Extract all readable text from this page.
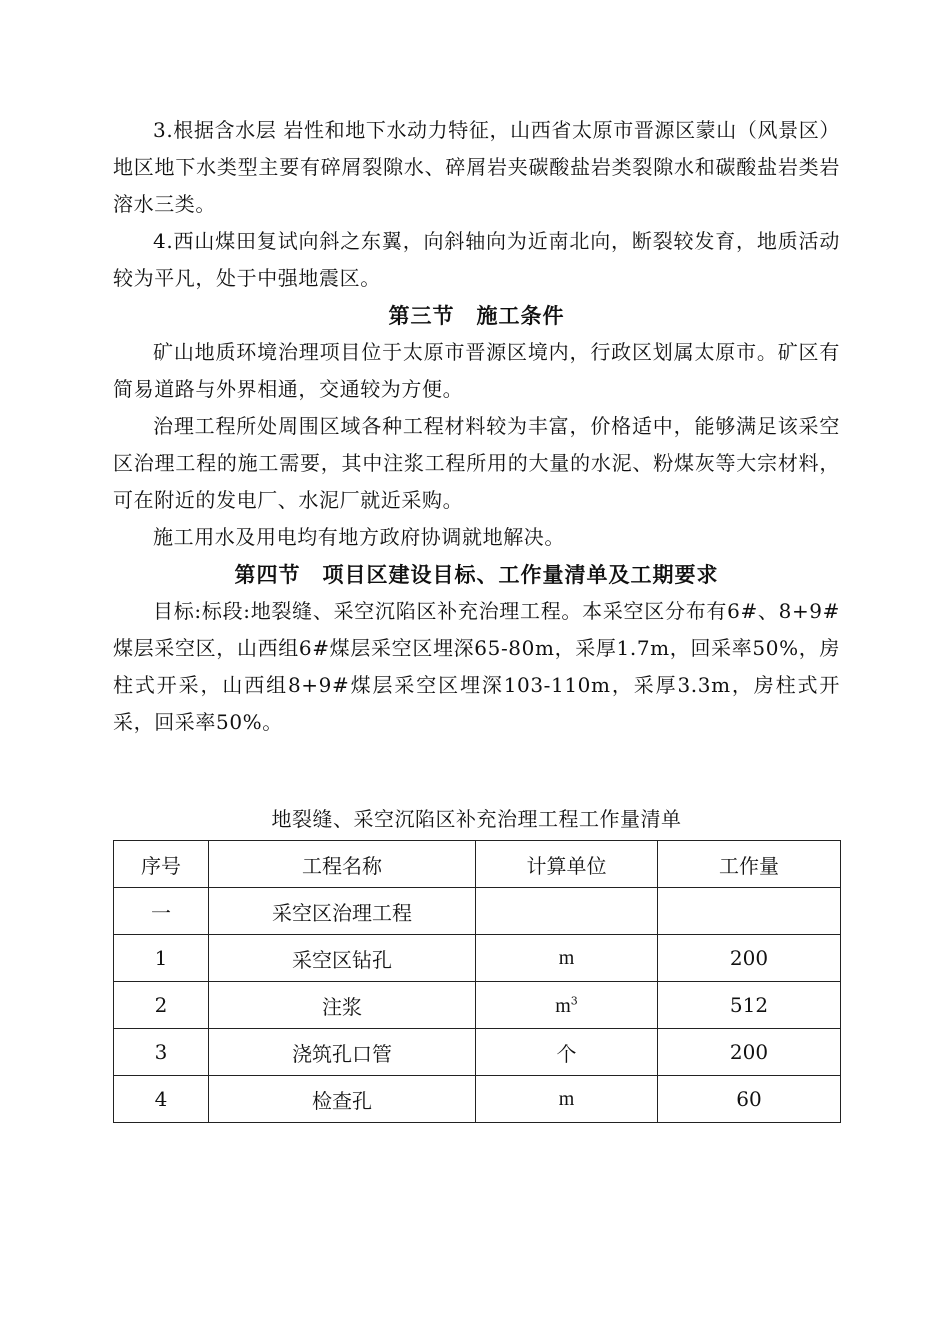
3.根据含水层 岩性和地下水动力特征，山西省太原市晋源区蒙山（风景区）地区地下水类型主要有碎屑裂隙水、碎屑岩夹碳酸盐岩类裂隙水和碳酸盐岩类岩溶水三类。

4.西山煤田复试向斜之东翼，向斜轴向为近南北向，断裂较发育，地质活动较为平凡，处于中强地震区。

第三节　施工条件

矿山地质环境治理项目位于太原市晋源区境内，行政区划属太原市。矿区有简易道路与外界相通，交通较为方便。

治理工程所处周围区域各种工程材料较为丰富，价格适中，能够满足该采空区治理工程的施工需要，其中注浆工程所用的大量的水泥、粉煤灰等大宗材料，可在附近的发电厂、水泥厂就近采购。

施工用水及用电均有地方政府协调就地解决。

第四节　项目区建设目标、工作量清单及工期要求

目标:标段:地裂缝、采空沉陷区补充治理工程。本采空区分布有6#、8+9#煤层采空区，山西组6#煤层采空区埋深65-80m，采厚1.7m，回采率50%，房柱式开采，山西组8+9#煤层采空区埋深103-110m，采厚3.3m，房柱式开采，回采率50%。

地裂缝、采空沉陷区补充治理工程工作量清单
序号	工程名称	计算单位	工作量
一	采空区治理工程		
1	采空区钻孔	m	200
2	注浆	$m^3$	512
3	浇筑孔口管	个	200
4	检查孔	m	60
